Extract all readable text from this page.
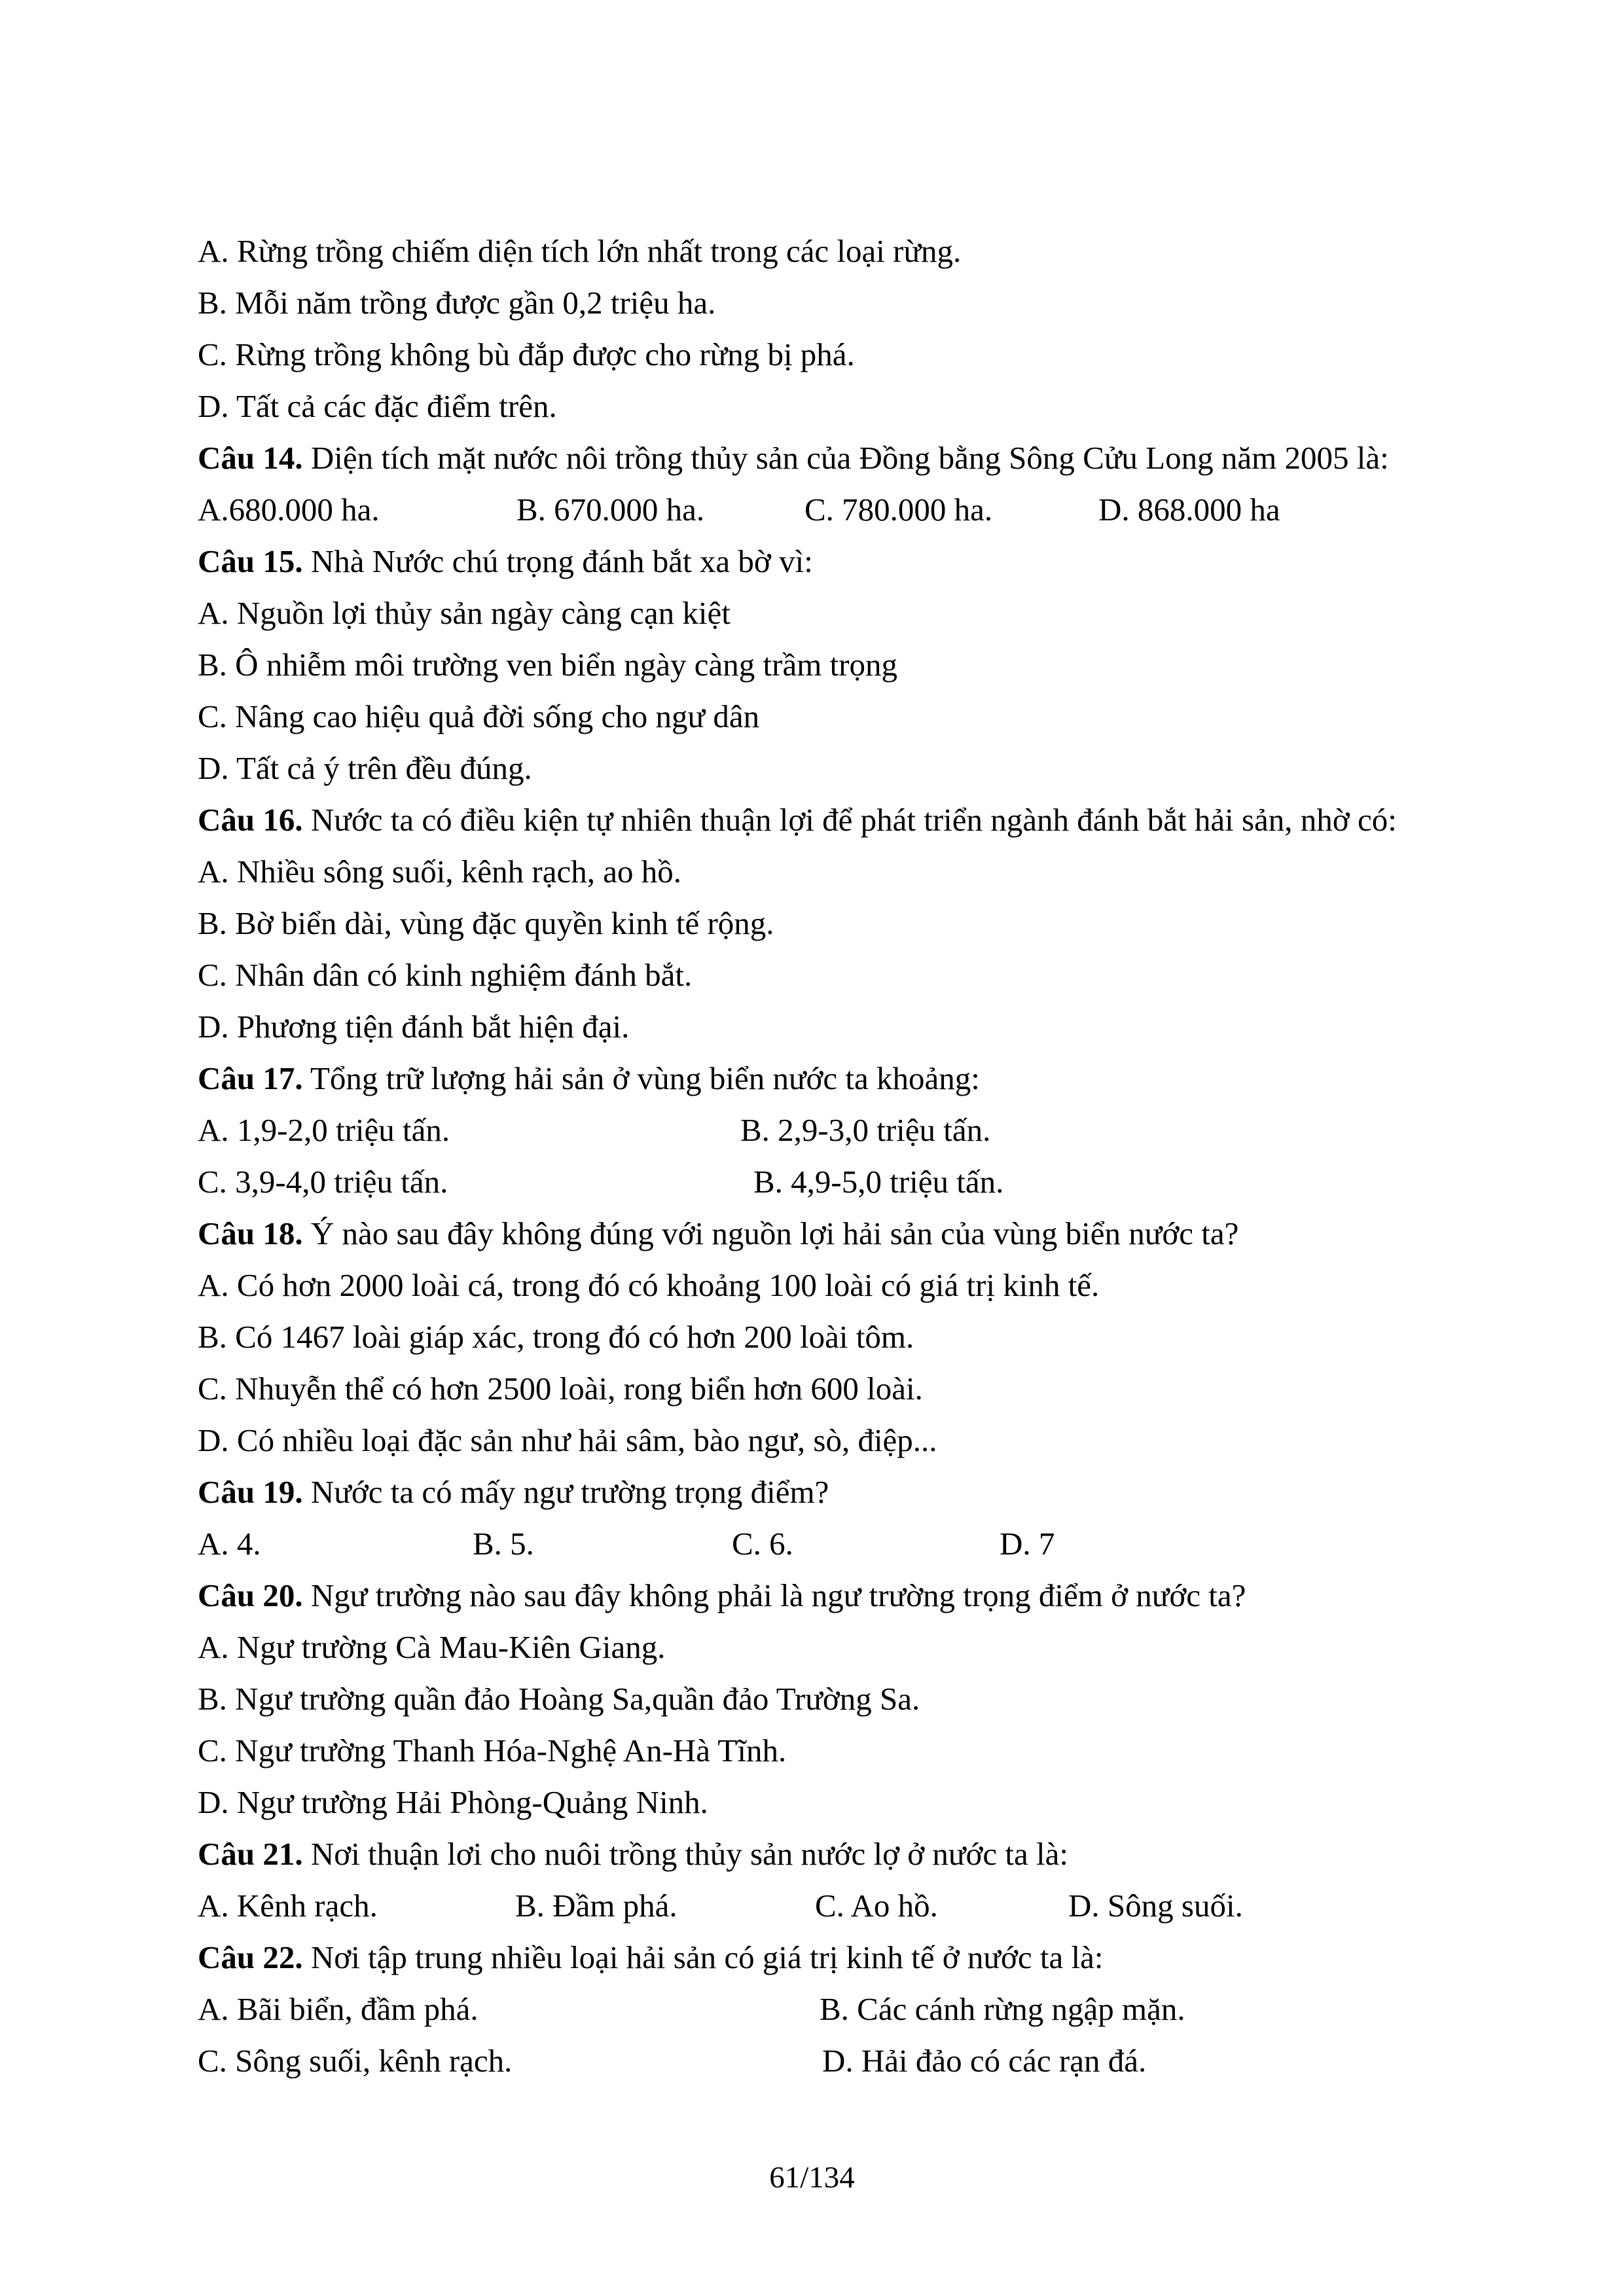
A. Rừng trồng chiếm diện tích lớn nhất trong các loại rừng.
B. Mỗi năm trồng được gần 0,2 triệu ha.
C. Rừng trồng không bù đắp được cho rừng bị phá.
D. Tất cả các đặc điểm trên.
Câu 14. Diện tích mặt nước nôi trồng thủy sản của Đồng bằng Sông Cửu Long năm 2005 là:
A.680.000 ha.	B. 670.000 ha.	C. 780.000 ha.	D. 868.000 ha
Câu 15. Nhà Nước chú trọng đánh bắt xa bờ vì:
A. Nguồn lợi thủy sản ngày càng cạn kiệt
B. Ô nhiễm môi trường ven biển ngày càng trầm trọng
C. Nâng cao hiệu quả đời sống cho ngư dân
D. Tất cả ý trên đều đúng.
Câu 16. Nước ta có điều kiện tự nhiên thuận lợi để phát triển ngành đánh bắt hải sản, nhờ có:
A. Nhiều sông suối, kênh rạch, ao hồ.
B. Bờ biển dài, vùng đặc quyền kinh tế rộng.
C. Nhân dân có kinh nghiệm đánh bắt.
D. Phương tiện đánh bắt hiện đại.
Câu 17. Tổng trữ lượng hải sản ở vùng biển nước ta khoảng:
A. 1,9-2,0 triệu tấn.	B. 2,9-3,0 triệu tấn.
C. 3,9-4,0 triệu tấn.	B. 4,9-5,0 triệu tấn.
Câu 18. Ý nào sau đây không đúng với nguồn lợi hải sản của vùng biển nước ta?
A. Có hơn 2000 loài cá, trong đó có khoảng 100 loài có giá trị kinh tế.
B. Có 1467 loài giáp xác, trong đó có hơn 200 loài tôm.
C. Nhuyễn thể có hơn 2500 loài, rong biển hơn 600 loài.
D. Có nhiều loại đặc sản như hải sâm, bào ngư, sò, điệp...
Câu 19. Nước ta có mấy ngư trường trọng điểm?
A. 4.	B. 5.	C. 6.	D. 7
Câu 20. Ngư trường nào sau đây không phải là ngư trường trọng điểm ở nước ta?
A. Ngư trường Cà Mau-Kiên Giang.
B. Ngư trường quần đảo Hoàng Sa,quần đảo Trường Sa.
C. Ngư trường Thanh Hóa-Nghệ An-Hà Tĩnh.
D. Ngư trường Hải Phòng-Quảng Ninh.
Câu 21. Nơi thuận lơi cho nuôi trồng thủy sản nước lợ ở nước ta là:
A. Kênh rạch.	B. Đầm phá.	C. Ao hồ.	D. Sông suối.
Câu 22. Nơi tập trung nhiều loại hải sản có giá trị kinh tế ở nước ta là:
A. Bãi biển, đầm phá.	B. Các cánh rừng ngập mặn.
C. Sông suối, kênh rạch.	D. Hải đảo có các rạn đá.
61/134
